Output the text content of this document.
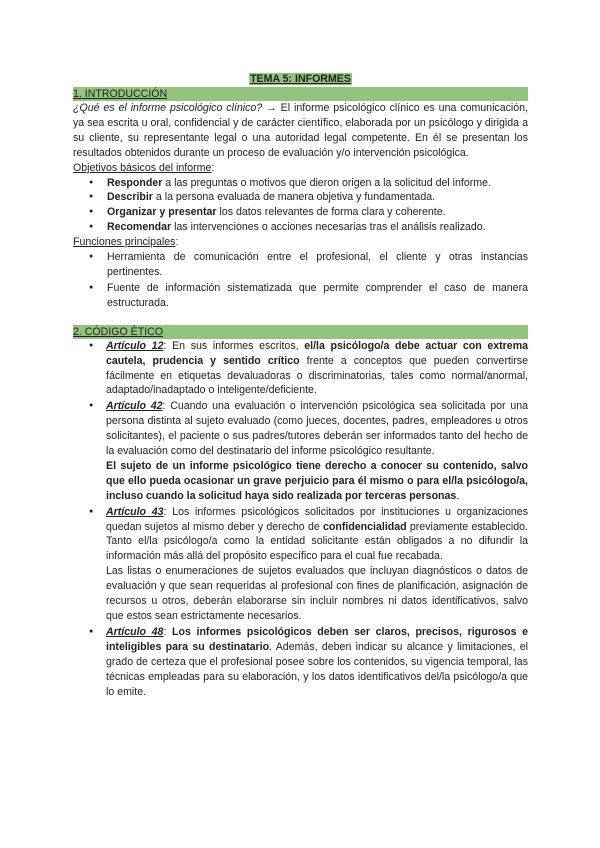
TEMA 5: INFORMES
1. INTRODUCCIÓN

¿Qué es el informe psicológico clínico? → El informe psicológico clínico es una comunicación, ya sea escrita u oral, confidencial y de carácter científico, elaborada por un psicólogo y dirigida a su cliente, su representante legal o una autoridad legal competente. En él se presentan los resultados obtenidos durante un proceso de evaluación y/o intervención psicológica.

Objetivos básicos del informe:
● Responder a las preguntas o motivos que dieron origen a la solicitud del informe.
● Describir a la persona evaluada de manera objetiva y fundamentada.
● Organizar y presentar los datos relevantes de forma clara y coherente.
● Recomendar las intervenciones o acciones necesarias tras el análisis realizado.
Funciones principales:
● Herramienta de comunicación entre el profesional, el cliente y otras instancias pertinentes.
● Fuente de información sistematizada que permite comprender el caso de manera estructurada.
2. CÓDIGO ÉTICO
● Artículo 12: En sus informes escritos, el/la psicólogo/a debe actuar con extrema cautela, prudencia y sentido crítico frente a conceptos que pueden convertirse fácilmente en etiquetas devaluadoras o discriminatorias, tales como normal/anormal, adaptado/inadaptado o inteligente/deficiente.
● Artículo 42: Cuando una evaluación o intervención psicológica sea solicitada por una persona distinta al sujeto evaluado (como jueces, docentes, padres, empleadores u otros solicitantes), el paciente o sus padres/tutores deberán ser informados tanto del hecho de la evaluación como del destinatario del informe psicológico resultante.

El sujeto de un informe psicológico tiene derecho a conocer su contenido, salvo que ello pueda ocasionar un grave perjuicio para él mismo o para el/la psicólogo/a, incluso cuando la solicitud haya sido realizada por terceras personas.

● Artículo 43: Los informes psicológicos solicitados por instituciones u organizaciones quedan sujetos al mismo deber y derecho de confidencialidad previamente establecido. Tanto el/la psicólogo/a como la entidad solicitante están obligados a no difundir la información más allá del propósito específico para el cual fue recabada.

Las listas o enumeraciones de sujetos evaluados que incluyan diagnósticos o datos de evaluación y que sean requeridas al profesional con fines de planificación, asignación de recursos u otros, deberán elaborarse sin incluir nombres ni datos identificativos, salvo que estos sean estrictamente necesarios.

● Artículo 48: Los informes psicológicos deben ser claros, precisos, rigurosos e inteligibles para su destinatario. Además, deben indicar su alcance y limitaciones, el grado de certeza que el profesional posee sobre los contenidos, su vigencia temporal, las técnicas empleadas para su elaboración, y los datos identificativos del/la psicólogo/a que lo emite.
